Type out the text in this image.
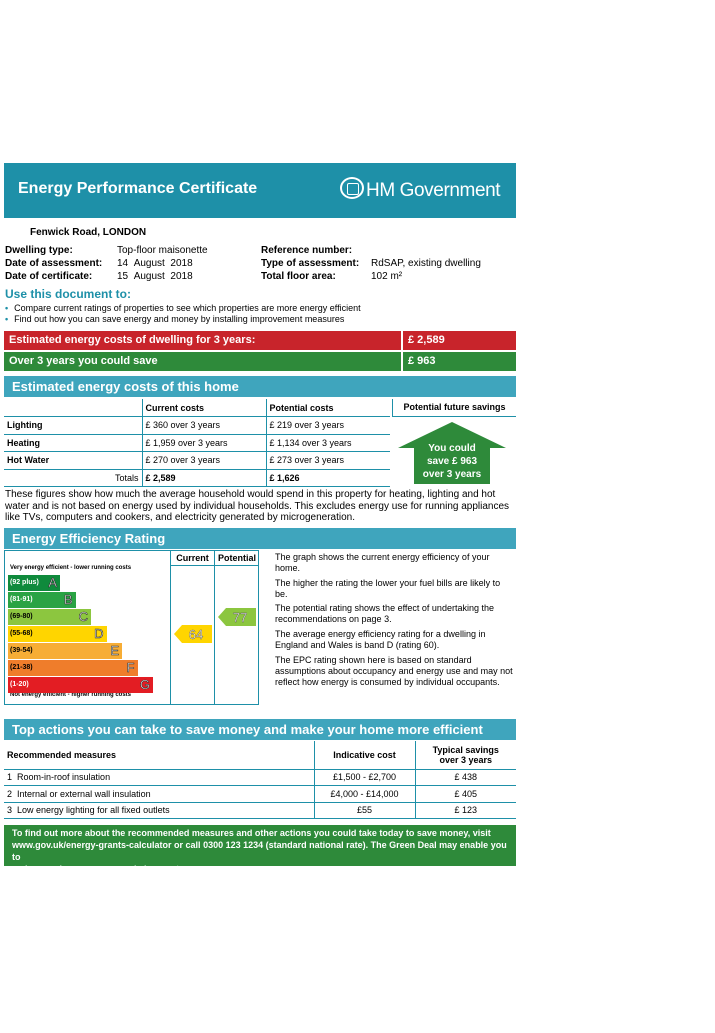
Energy Performance Certificate	HM Government
Fenwick Road, LONDON
Dwelling type:	Top-floor maisonette
Date of assessment: 14 August 2018
Date of certificate: 15 August 2018
Reference number:
Type of assessment: RdSAP, existing dwelling
Total floor area:	102 m²
Use this document to:
• Compare current ratings of properties to see which properties are more energy efficient
• Find out how you can save energy and money by installing improvement measures
Estimated energy costs of dwelling for 3 years:	£ 2,589
Over 3 years you could save	£ 963
Estimated energy costs of this home
	Current costs	Potential costs
Lighting	£ 360 over 3 years	£ 219 over 3 years
Heating	£ 1,959 over 3 years	£ 1,134 over 3 years
Hot Water	£ 270 over 3 years	£ 273 over 3 years
Totals	£ 2,589	£ 1,626
Potential future savings
You could
save £ 963
over 3 years
These figures show how much the average household would spend in this property for heating, lighting and hot water and is not based on energy used by individual households. This excludes energy use for running appliances like TVs, computers and cookers, and electricity generated by microgeneration.
Energy Efficiency Rating
Current	Potential
Very energy efficient - lower running costs
Not energy efficient - higher running costs
(92 plus) A
(81-91) B
(69-80)	C
(55-68)	D
(39-54)	E
(21-38)	F
(1-20)	G
64
77
The graph shows the current energy efficiency of your home.
The higher the rating the lower your fuel bills are likely to be.
The potential rating shows the effect of undertaking the recommendations on page 3.
The average energy efficiency rating for a dwelling in England and Wales is band D (rating 60).
The EPC rating shown here is based on standard assumptions about occupancy and energy use and may not reflect how energy is consumed by individual occupants.
Top actions you can take to save money and make your home more efficient
Recommended measures	Indicative cost	Typical savings
over 3 years

1 Room-in-roof insulation	£1,500 - £2,700	£ 438
2 Internal or external wall insulation	£4,000 - £14,000	£ 405
3 Low energy lighting for all fixed outlets	£55	£ 123
To find out more about the recommended measures and other actions you could take today to save money, visit
www.gov.uk/energy-grants-calculator or call 0300 123 1234 (standard national rate). The Green Deal may enable you to
make your home warmer and cheaper to run.
